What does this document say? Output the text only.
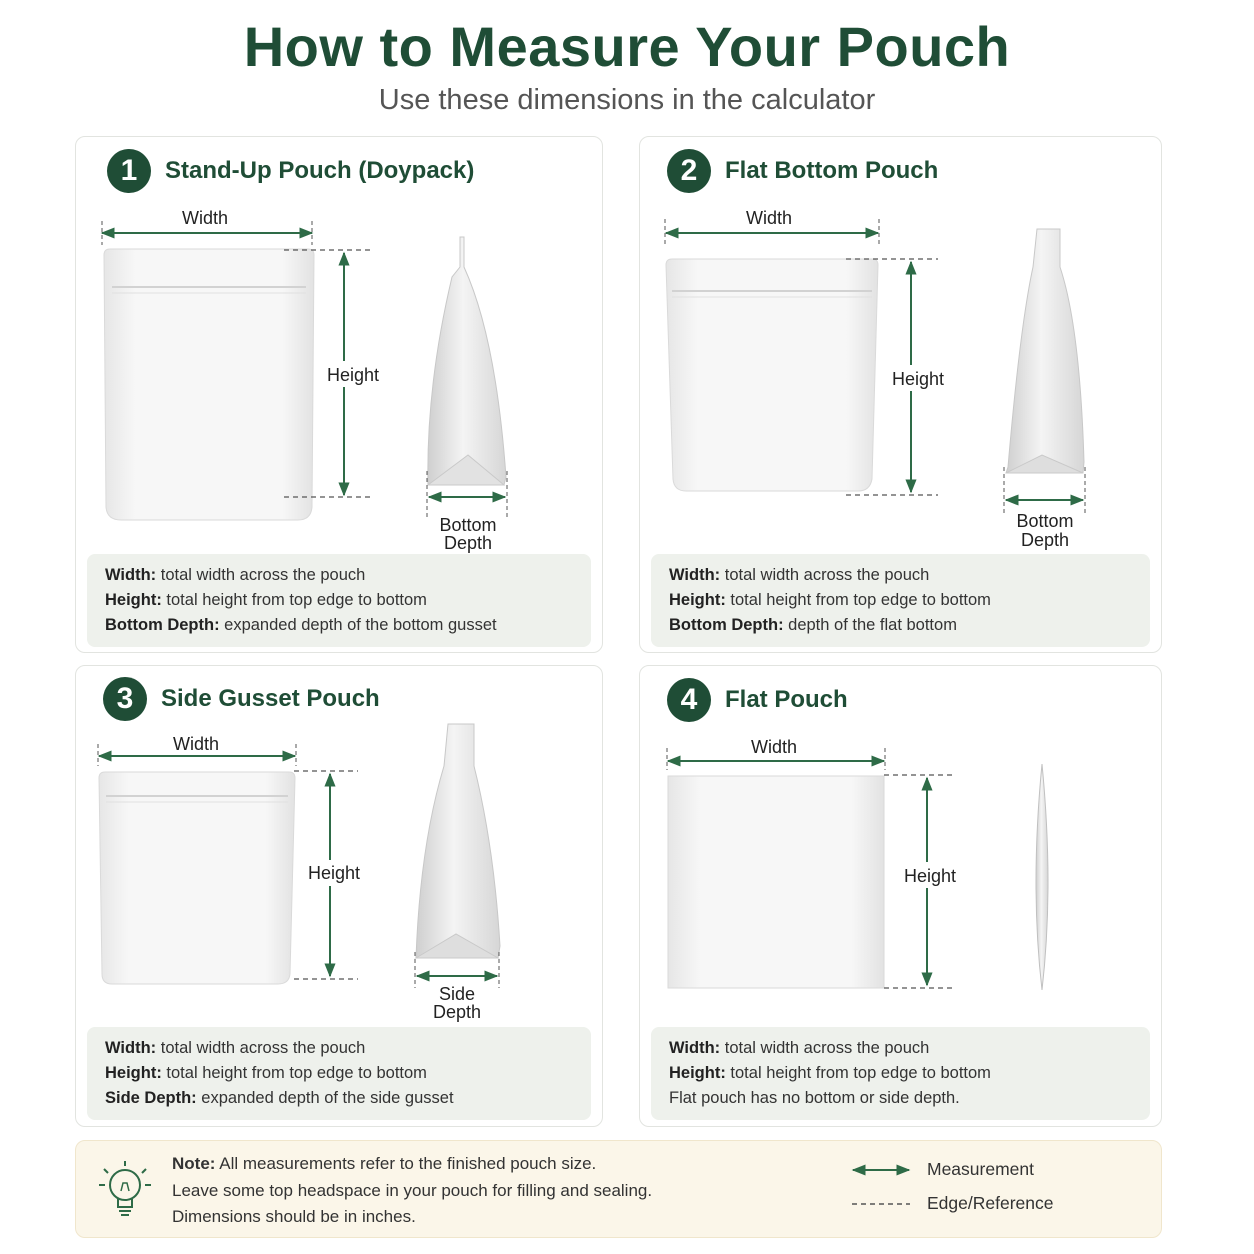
How to Measure Your Pouch
Use these dimensions in the calculator
Width
Height
Bottom
Depth
1	Stand-Up Pouch (Doypack)
Width: total width across the pouch
Height: total height from top edge to bottom
Bottom Depth: expanded depth of the bottom gusset
Width
Height
Bottom
Depth
2	Flat Bottom Pouch
Width: total width across the pouch
Height: total height from top edge to bottom
Bottom Depth: depth of the flat bottom
Width
Height
Side
Depth
3	Side Gusset Pouch
Width: total width across the pouch
Height: total height from top edge to bottom
Side Depth: expanded depth of the side gusset
Width
Height
4	Flat Pouch
Width: total width across the pouch
Height: total height from top edge to bottom
Flat pouch has no bottom or side depth.
Note: All measurements refer to the finished pouch size.
Leave some top headspace in your pouch for filling and sealing.
Dimensions should be in inches.
Measurement
Edge/Reference
